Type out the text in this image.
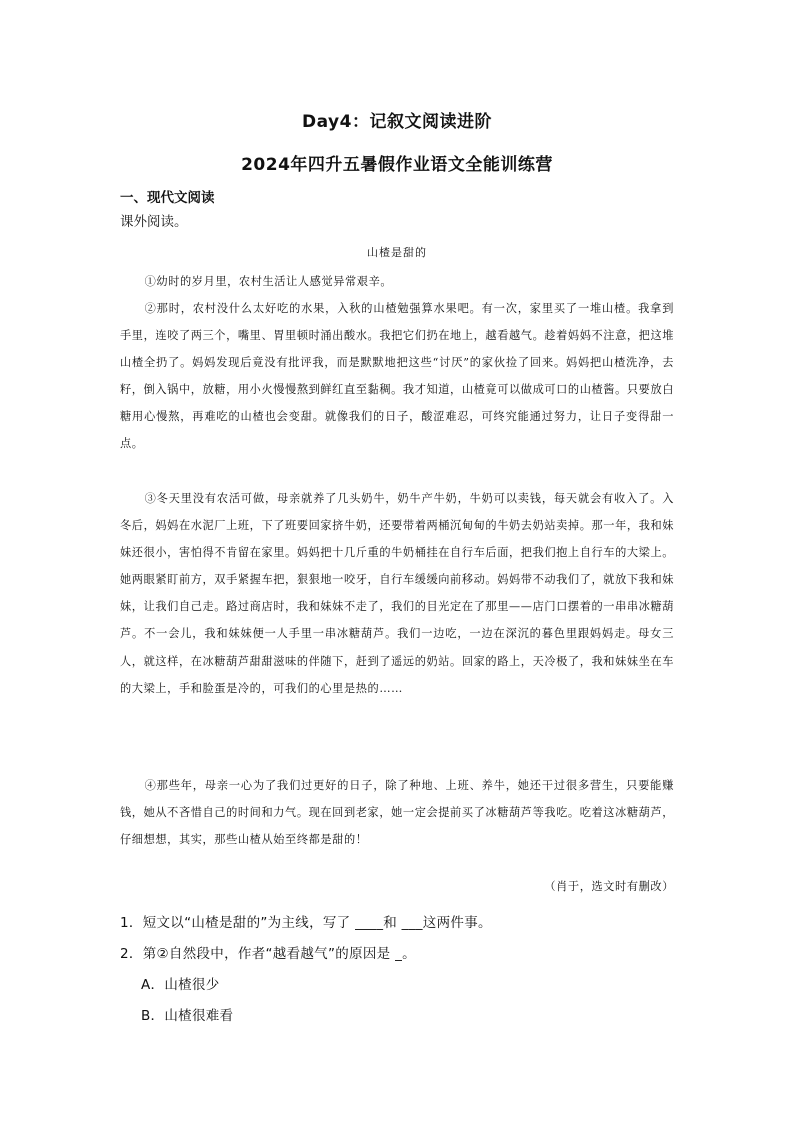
Day4：记叙文阅读进阶
2024年四升五暑假作业语文全能训练营
一、现代文阅读
课外阅读。
山楂是甜的

①幼时的岁月里，农村生活让人感觉异常艰辛。

②那时，农村没什么太好吃的水果，入秋的山楂勉强算水果吧。有一次，家里买了一堆山楂。我拿到手里，连咬了两三个，嘴里、胃里顿时涌出酸水。我把它们扔在地上，越看越气。趁着妈妈不注意，把这堆山楂全扔了。妈妈发现后竟没有批评我，而是默默地把这些“讨厌”的家伙捡了回来。妈妈把山楂洗净，去籽，倒入锅中，放糖，用小火慢慢熬到鲜红直至黏稠。我才知道，山楂竟可以做成可口的山楂酱。只要放白糖用心慢熬，再难吃的山楂也会变甜。就像我们的日子，酸涩难忍，可终究能通过努力，让日子变得甜一点。

③冬天里没有农活可做，母亲就养了几头奶牛，奶牛产牛奶，牛奶可以卖钱，每天就会有收入了。入冬后，妈妈在水泥厂上班，下了班要回家挤牛奶，还要带着两桶沉甸甸的牛奶去奶站卖掉。那一年，我和妹妹还很小，害怕得不肯留在家里。妈妈把十几斤重的牛奶桶挂在自行车后面，把我们抱上自行车的大梁上。她两眼紧盯前方，双手紧握车把，狠狠地一咬牙，自行车缓缓向前移动。妈妈带不动我们了，就放下我和妹妹，让我们自己走。路过商店时，我和妹妹不走了，我们的目光定在了那里——店门口摆着的一串串冰糖葫芦。不一会儿，我和妹妹便一人手里一串冰糖葫芦。我们一边吃，一边在深沉的暮色里跟妈妈走。母女三人，就这样，在冰糖葫芦甜甜滋味的伴随下，赶到了遥远的奶站。回家的路上，天冷极了，我和妹妹坐在车的大梁上，手和脸蛋是冷的，可我们的心里是热的……

④那些年，母亲一心为了我们过更好的日子，除了种地、上班、养牛，她还干过很多营生，只要能赚钱，她从不吝惜自己的时间和力气。现在回到老家，她一定会提前买了冰糖葫芦等我吃。吃着这冰糖葫芦，仔细想想，其实，那些山楂从始至终都是甜的！

（肖于，选文时有删改）
1．短文以“山楂是甜的”为主线，写了 ____和 ___这两件事。
2．第②自然段中，作者“越看越气”的原因是 _。
A．山楂很少
B．山楂很难看
